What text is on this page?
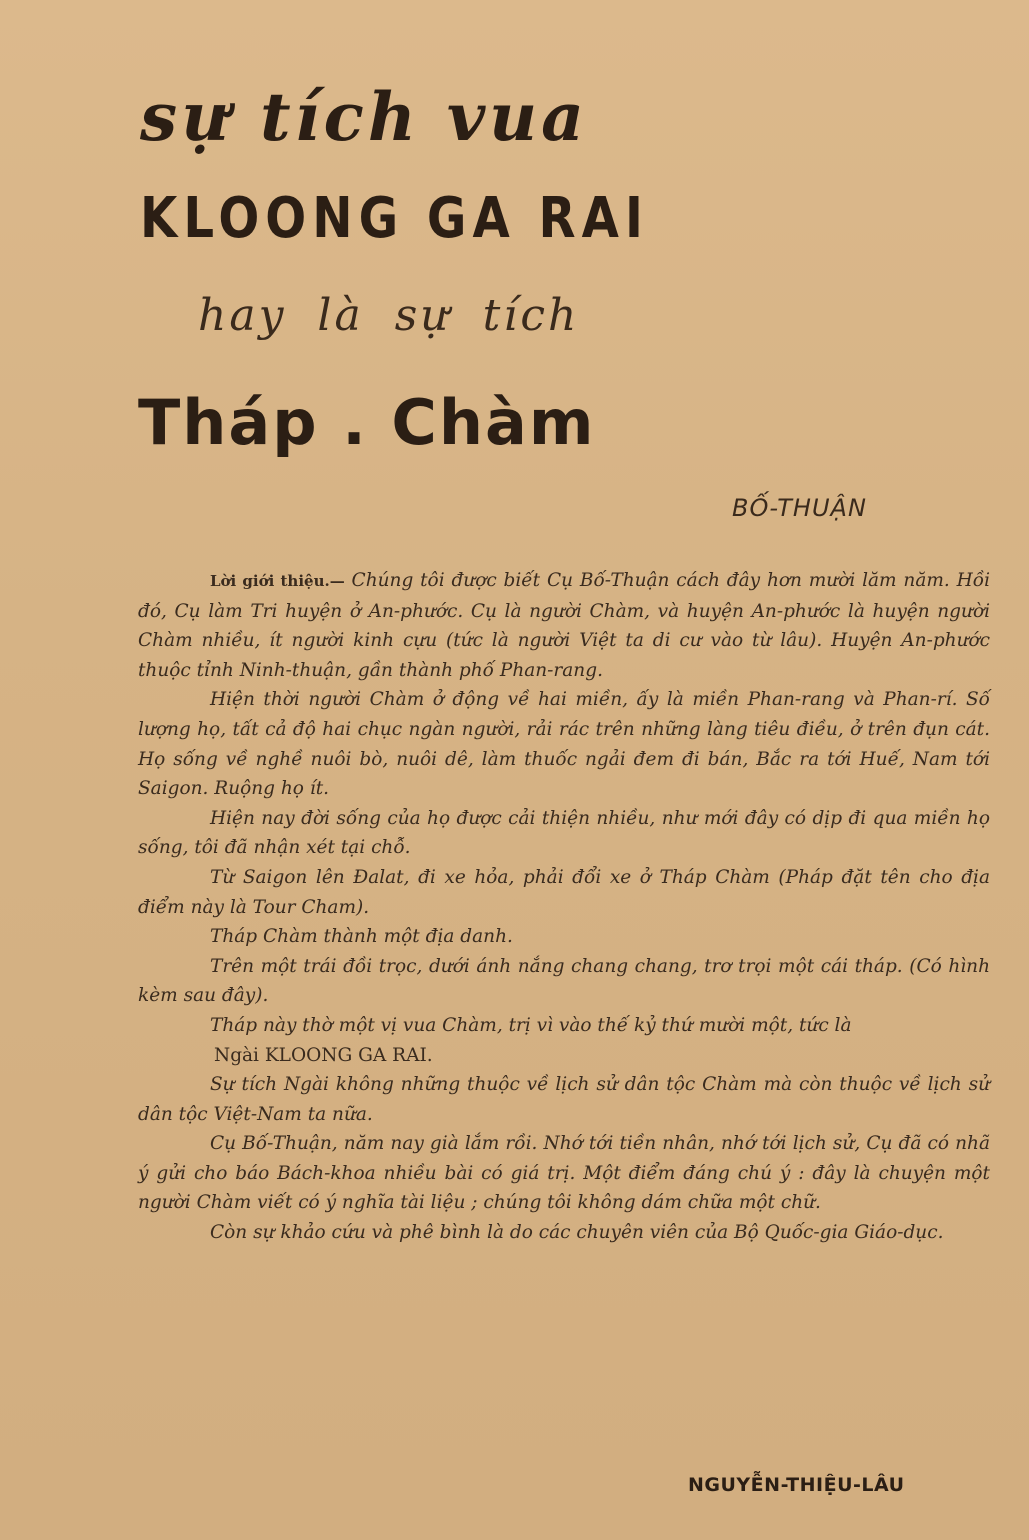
sự tích vua
KLOONG GA RAI
hay là sự tích
Tháp . Chàm
BỐ-THUẬN

Lời giới thiệu.— Chúng tôi được biết Cụ Bố-Thuận cách đây hơn mười lăm năm. Hồi đó, Cụ làm Tri huyện ở An-phước. Cụ là người Chàm, và huyện An-phước là huyện người Chàm nhiều, ít người kinh cựu (tức là người Việt ta di cư vào từ lâu). Huyện An-phước thuộc tỉnh Ninh-thuận, gần thành phố Phan-rang.

Hiện thời người Chàm ở động về hai miền, ấy là miền Phan-rang và Phan-rí. Số lượng họ, tất cả độ hai chục ngàn người, rải rác trên những làng tiêu điều, ở trên đụn cát. Họ sống về nghề nuôi bò, nuôi dê, làm thuốc ngải đem đi bán, Bắc ra tới Huế, Nam tới Saigon. Ruộng họ ít.

Hiện nay đời sống của họ được cải thiện nhiều, như mới đây có dịp đi qua miền họ sống, tôi đã nhận xét tại chỗ.

Từ Saigon lên Đalat, đi xe hỏa, phải đổi xe ở Tháp Chàm (Pháp đặt tên cho địa điểm này là Tour Cham).

Tháp Chàm thành một địa danh.

Trên một trái đồi trọc, dưới ánh nắng chang chang, trơ trọi một cái tháp. (Có hình kèm sau đây).

Tháp này thờ một vị vua Chàm, trị vì vào thế kỷ thứ mười một, tức là

Ngài KLOONG GA RAI.

Sự tích Ngài không những thuộc về lịch sử dân tộc Chàm mà còn thuộc về lịch sử dân tộc Việt-Nam ta nữa.

Cụ Bố-Thuận, năm nay già lắm rồi. Nhớ tới tiền nhân, nhớ tới lịch sử, Cụ đã có nhã ý gửi cho báo Bách-khoa nhiều bài có giá trị. Một điểm đáng chú ý : đây là chuyện một người Chàm viết có ý nghĩa tài liệu ; chúng tôi không dám chữa một chữ.

Còn sự khảo cứu và phê bình là do các chuyên viên của Bộ Quốc-gia Giáo-dục.

NGUYỄN-THIỆU-LÂU
